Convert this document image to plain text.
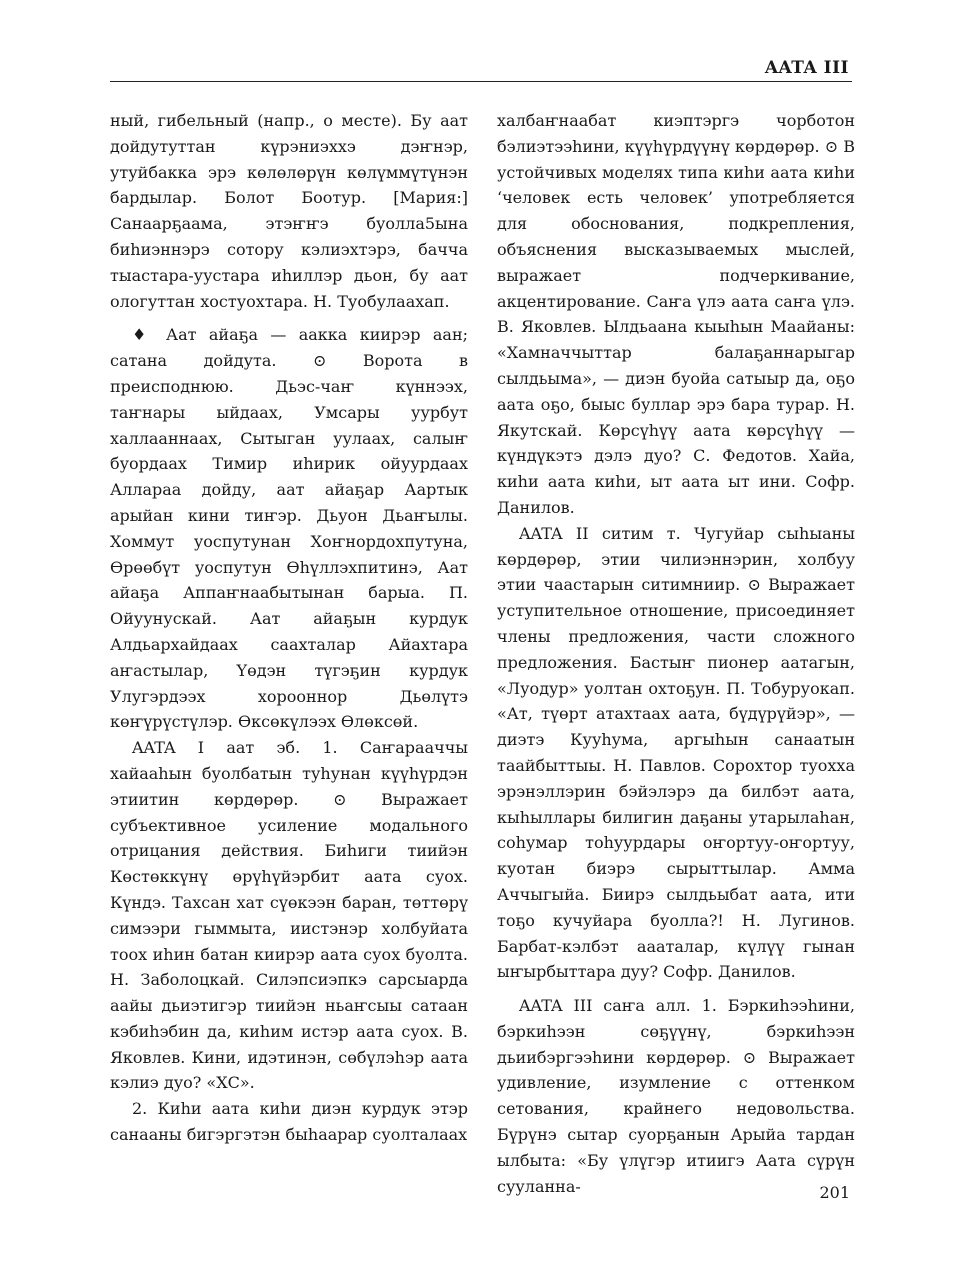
AATA III

ный, гибельный (напр., о месте). Бу аат дойдутуттан күрэниэххэ дэҥнэр, утуйбакка эрэ көлөлөрүн көлүммүтүнэн бардылар. Болот Боотур. [Мария:] Санаарҕаама, этэҥҥэ буолла5ына биһиэннэрэ сотору кэлиэхтэрэ, бачча тыастара-уустара иһиллэр дьон, бу аат ологуттан хостуохтара. Н. Туобулаахап.

♦ Аат айаҕа — аакка киирэр аан; сатана дойдута. ⊙ Ворота в преисподнюю. Дьэс-чаҥ күннээх, таҥнары ыйдаах, Умсары уурбут халлааннаах, Сытыган уулаах, салыҥ буордаах Тимир иһирик ойуурдаах Алларaa дойду, аат айаҕар Аартык арыйан кини тиҥэр. Дьуон Дьаҥылы. Хоммут уоспутунан Хоҥнордохпутуна, Өрөөбүт уоспутун Өһүллэхпитинэ, Аат айаҕа Аппаҥнаабытынан барыа. П. Ойуунускай. Аат айаҕын курдук Алдьархайдаах саахталар Айахтара аҥастылар, Үөдэн түгэҕин курдук Улугэрдээх хорооннор Дьөлүтэ көҥүрүстүлэр. Өксөкүлээх Өлөксөй.

AATA I аат эб. 1. Саҥарааччы хайааһын буолбатын туһунан күүһүрдэн этиитин көрдөрөр. ⊙ Выражает субъективное усиление модального отрицания действия. Биһиги тиийэн Көстөккүнү өрүһүйэрбит аата суох. Күндэ. Тахсан хат сүөкээн баран, төттөрү симээри гыммыта, иистэнэр холбуйата тоох иһин батан киирэр аата суох буолта. Н. Заболоцкай. Силэпсиэпкэ сарсыарда аайы дьиэтигэр тиийэн ньаҥсыы сатаан кэбиһэбин да, киһим истэр аата суох. В. Яковлев. Кини, идэтинэн, сөбүлэһэр аата кэлиэ дуо? «ХС».

2. Киһи аата киһи диэн курдук этэр санааны бигэргэтэн быһаарар суолталаах

халбаҥнаабат киэптэргэ чорботон бэлиэтээһини, күүһүрдүүнү көрдөрөр. ⊙ В устойчивых моделях типа киһи аата киһи ‘человек есть человек’ употребляется для обоснования, подкрепления, объяснения высказываемых мыслей, выражает подчеркивание, акцентирование. Саҥа үлэ аата саҥа үлэ. В. Яковлев. Ылдьаана кыыһын Маайаны: «Хамначчыттар балаҕаннарыгар сылдьыма», — диэн буойа сатыыр да, оҕо аата оҕо, быыс буллар эрэ бара турар. Н. Якутскай. Көрсүһүү аата көрсүһүү — күндүкэтэ дэлэ дуо? С. Федотов. Хайа, киһи аата киһи, ыт аата ыт ини. Софр. Данилов.

AATA II ситим т. Чугуйар сыһыаны көрдөрөр, этии чилиэннэрин, холбуу этии чаастарын ситимниир. ⊙ Выражает уступительное отношение, присоединяет члены предложения, части сложного предложения. Бастыҥ пионер аатагын, «Луодур» уолтан охтоҕун. П. Тобуруокап. «Ат, түөрт атахтаах аата, бүдүрүйэр», — диэтэ Кууһума, аргыһын санаатын таайбыттыы. Н. Павлов. Сорохтор туохха эрэнэллэрин бэйэлэрэ да билбэт аата, кыһыллары билигин даҕаны утарылаһан, соһумар тоһуурдары оҥортуу-оҥортуу, куотан биэрэ сырыттылар. Амма Аччыгыйа. Биирэ сылдьыбат аата, ити тоҕо кучуйара буолла?! Н. Лугинов. Барбат-кэлбэт аааталар, күлүү гынан ыҥырбыттара дуу? Софр. Данилов.

AATA III саҥа алл. 1. Бэркиһээһини, бэркиһээн сөҕүүнү, бэркиһээн дьиибэргээһини көрдөрөр. ⊙ Выражает удивление, изумление с оттенком сетования, крайнего недовольства. Бүрүнэ сытар суорҕанын Арыйа тардан ылбыта: «Бу үлүгэр итиигэ Аата сүрүн сууланна-	201
